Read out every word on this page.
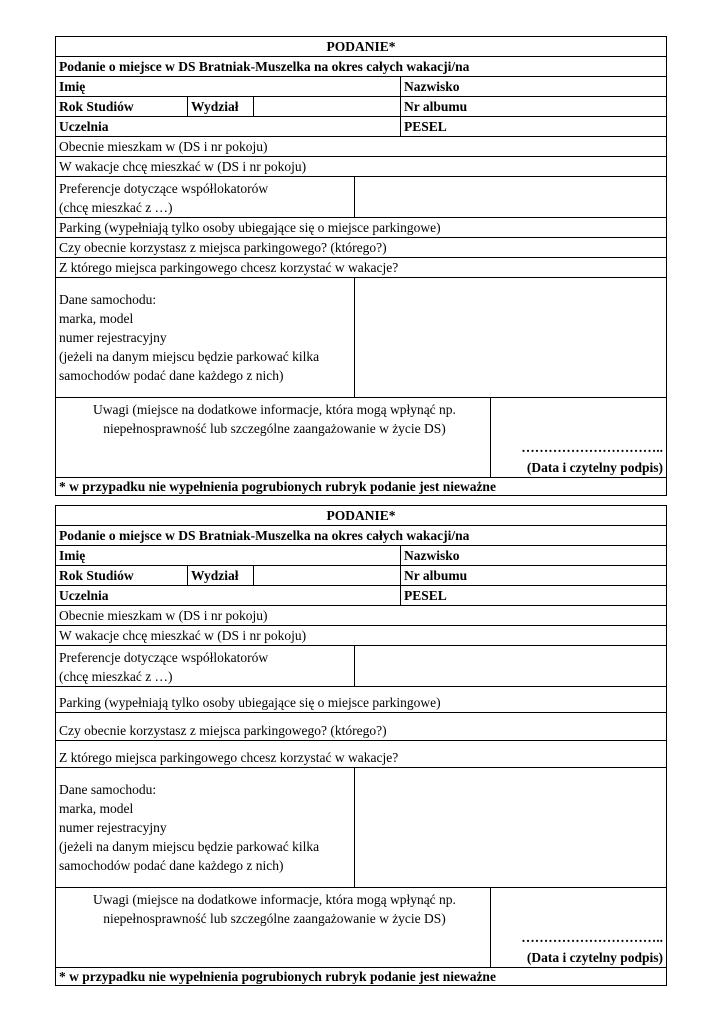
PODANIE*
Podanie o miejsce w DS Bratniak-Muszelka na okres całych wakacji/na
Imię	Nazwisko
Rok Studiów	Wydział	Nr albumu
Uczelnia	PESEL
Obecnie mieszkam w (DS i nr pokoju)
W wakacje chcę mieszkać w (DS i nr pokoju)
Preferencje dotyczące współlokatorów
(chcę mieszkać z …)
Parking (wypełniają tylko osoby ubiegające się o miejsce parkingowe)
Czy obecnie korzystasz z miejsca parkingowego? (którego?)
Z którego miejsca parkingowego chcesz korzystać w wakacje?
Dane samochodu:
marka, model
numer rejestracyjny
(jeżeli na danym miejscu będzie parkować kilka
samochodów podać dane każdego z nich)
Uwagi (miejsce na dodatkowe informacje, która mogą wpłynąć np.
niepełnosprawność lub szczególne zaangażowanie w życie DS)
…………………………..
(Data i czytelny podpis)
* w przypadku nie wypełnienia pogrubionych rubryk podanie jest nieważne
PODANIE*
Podanie o miejsce w DS Bratniak-Muszelka na okres całych wakacji/na
Imię	Nazwisko
Rok Studiów	Wydział	Nr albumu
Uczelnia	PESEL
Obecnie mieszkam w (DS i nr pokoju)
W wakacje chcę mieszkać w (DS i nr pokoju)
Preferencje dotyczące współlokatorów
(chcę mieszkać z …)
Parking (wypełniają tylko osoby ubiegające się o miejsce parkingowe)
Czy obecnie korzystasz z miejsca parkingowego? (którego?)
Z którego miejsca parkingowego chcesz korzystać w wakacje?
Dane samochodu:
marka, model
numer rejestracyjny
(jeżeli na danym miejscu będzie parkować kilka
samochodów podać dane każdego z nich)
Uwagi (miejsce na dodatkowe informacje, która mogą wpłynąć np.
niepełnosprawność lub szczególne zaangażowanie w życie DS)
…………………………..
(Data i czytelny podpis)
* w przypadku nie wypełnienia pogrubionych rubryk podanie jest nieważne
